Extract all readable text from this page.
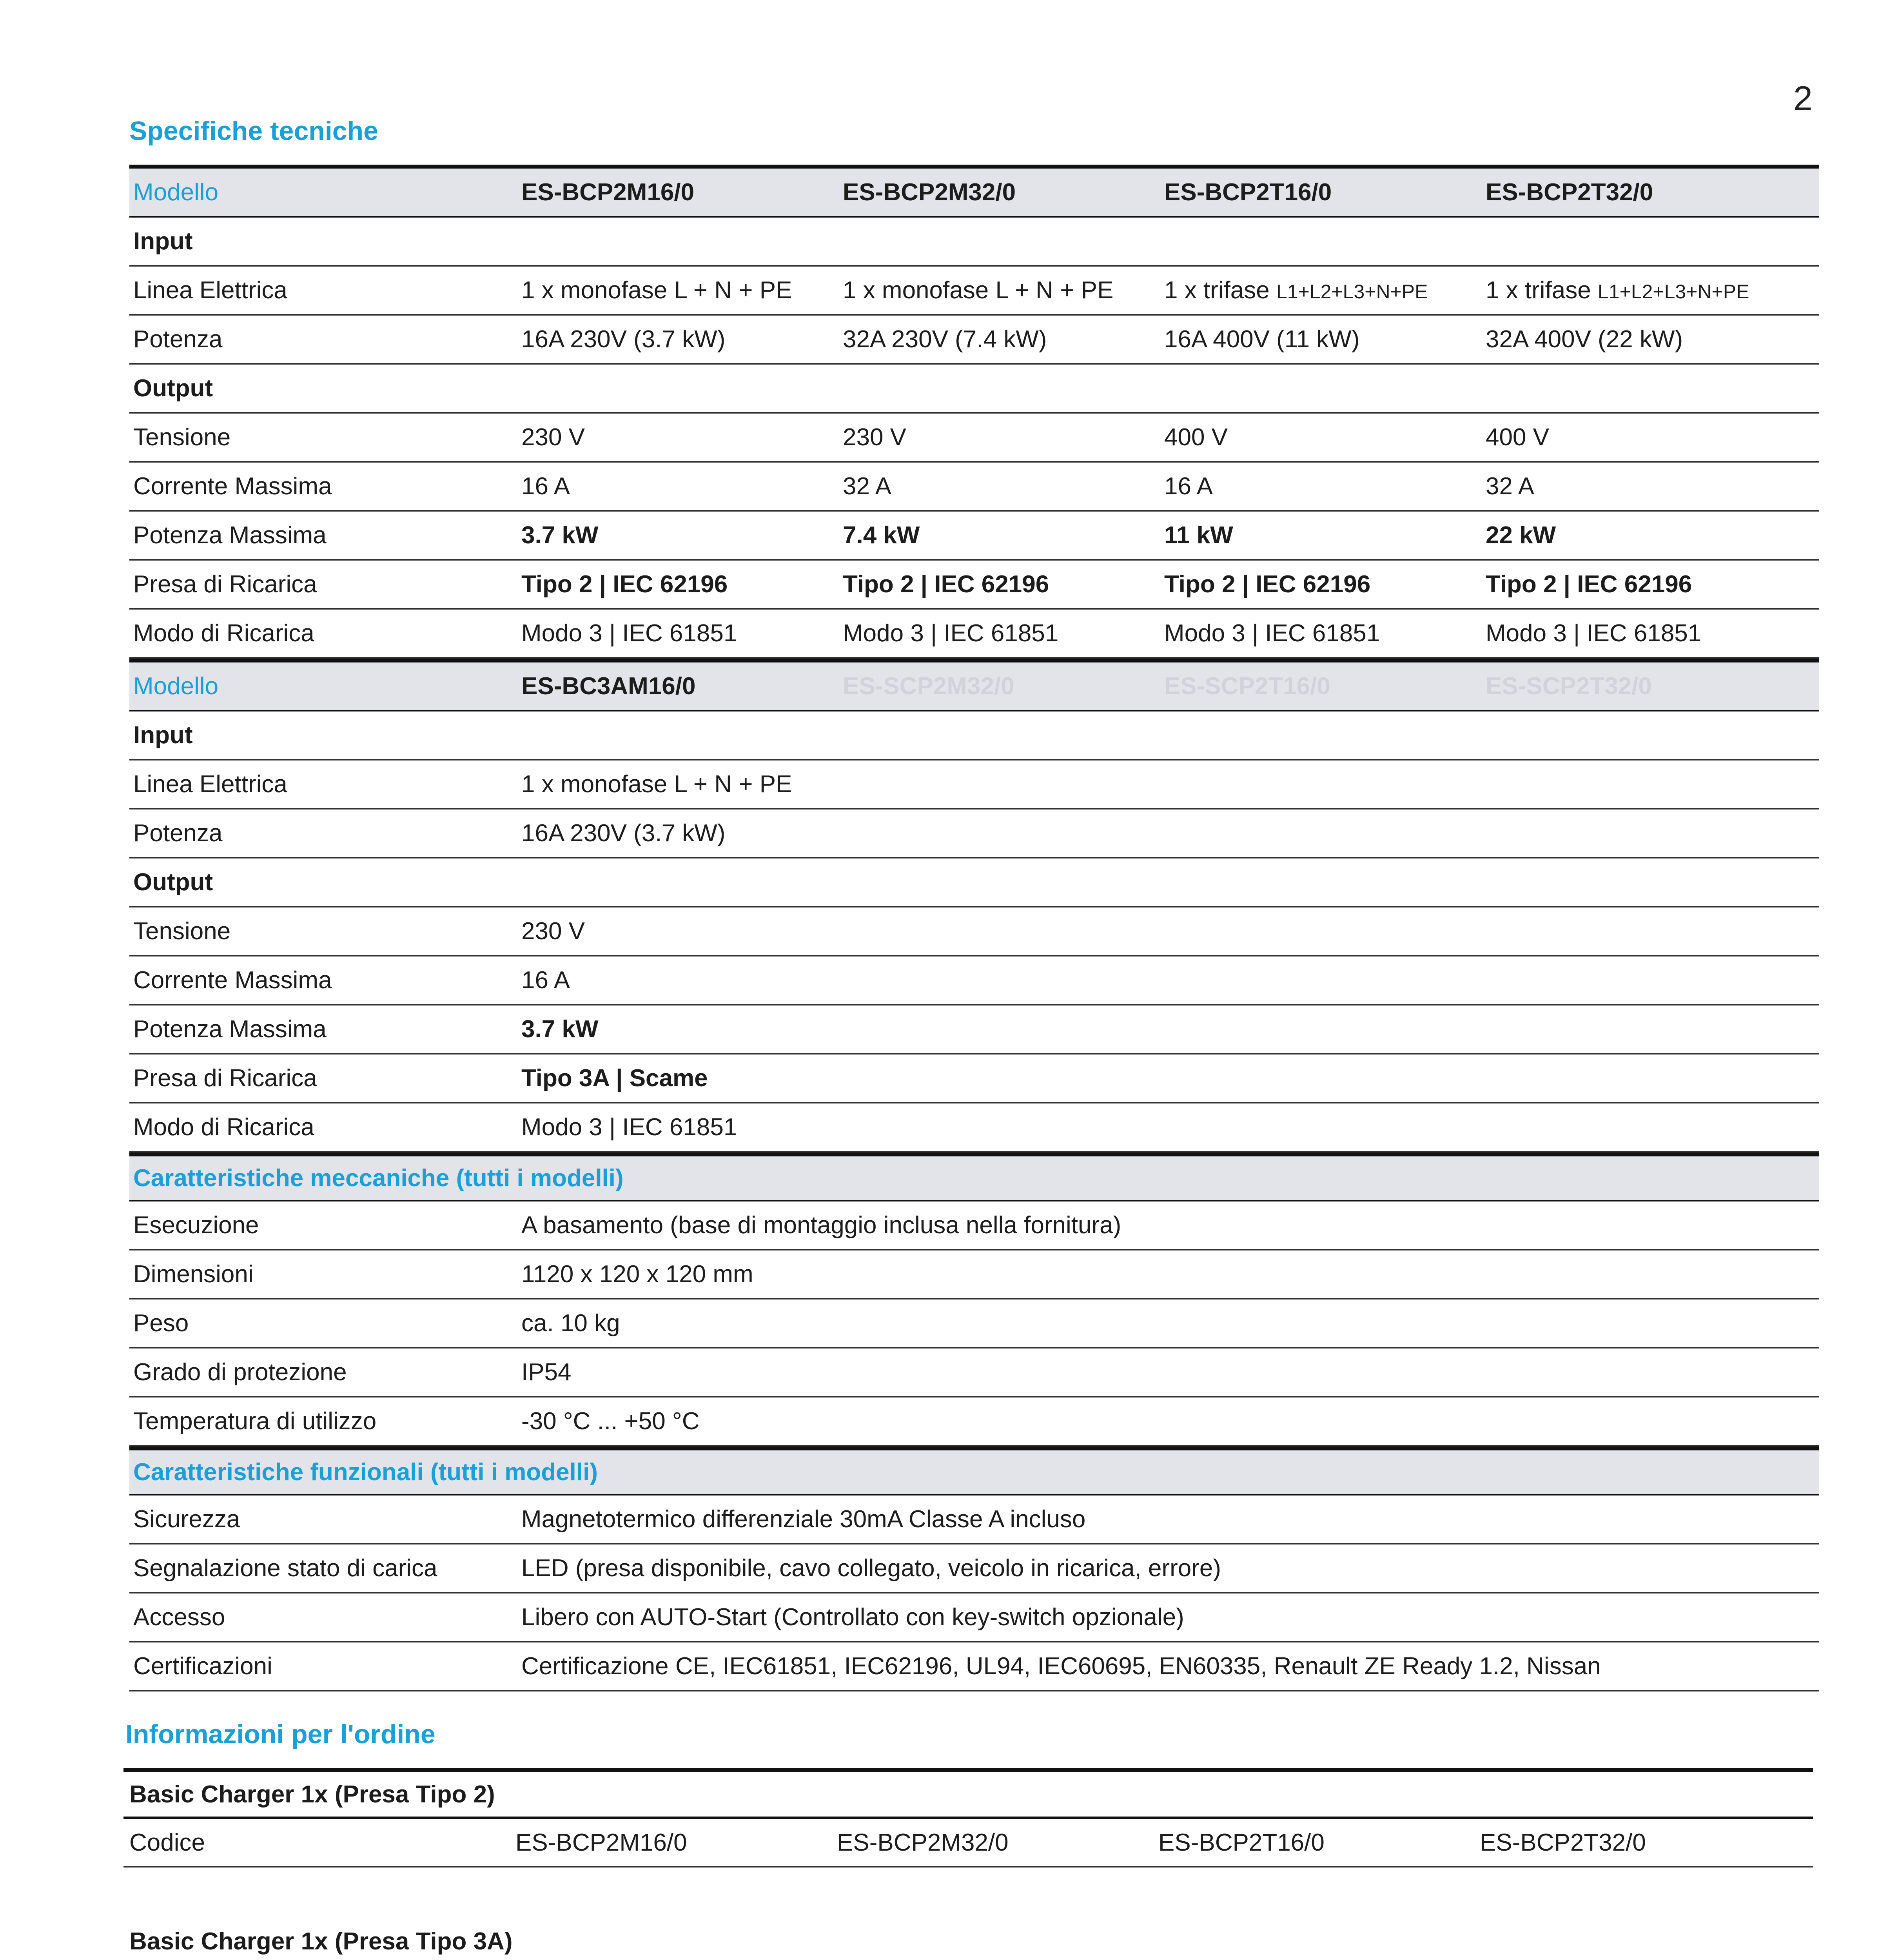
2
Specifiche tecniche
Modello	ES-BCP2M16/0	ES-BCP2M32/0	ES-BCP2T16/0	ES-BCP2T32/0
Input
Linea Elettrica	1 x monofase L + N + PE	1 x monofase L + N + PE	1 x trifase L1+L2+L3+N+PE	1 x trifase L1+L2+L3+N+PE
Potenza	16A 230V (3.7 kW)	32A 230V (7.4 kW)	16A 400V (11 kW)	32A 400V (22 kW)
Output
Tensione	230 V	230 V	400 V	400 V
Corrente Massima	16 A	32 A	16 A	32 A
Potenza Massima	3.7 kW	7.4 kW	11 kW	22 kW
Presa di Ricarica	Tipo 2 | IEC 62196	Tipo 2 | IEC 62196	Tipo 2 | IEC 62196	Tipo 2 | IEC 62196
Modo di Ricarica	Modo 3 | IEC 61851	Modo 3 | IEC 61851	Modo 3 | IEC 61851	Modo 3 | IEC 61851
Modello	ES-BC3AM16/0	ES-SCP2M32/0	ES-SCP2T16/0	ES-SCP2T32/0
Input
Linea Elettrica	1 x monofase L + N + PE
Potenza	16A 230V (3.7 kW)
Output
Tensione	230 V
Corrente Massima	16 A
Potenza Massima	3.7 kW
Presa di Ricarica	Tipo 3A | Scame
Modo di Ricarica	Modo 3 | IEC 61851
Caratteristiche meccaniche (tutti i modelli)
Esecuzione	A basamento (base di montaggio inclusa nella fornitura)
Dimensioni	1120 x 120 x 120 mm
Peso	ca. 10 kg
Grado di protezione	IP54
Temperatura di utilizzo	-30 °C ... +50 °C
Caratteristiche funzionali (tutti i modelli)
Sicurezza	Magnetotermico differenziale 30mA Classe A incluso
Segnalazione stato di carica	LED (presa disponibile, cavo collegato, veicolo in ricarica, errore)
Accesso	Libero con AUTO-Start (Controllato con key-switch opzionale)
Certificazioni	Certificazione CE, IEC61851, IEC62196, UL94, IEC60695, EN60335, Renault ZE Ready 1.2, Nissan
Informazioni per l'ordine
Basic Charger 1x (Presa Tipo 2)
Codice	ES-BCP2M16/0	ES-BCP2M32/0	ES-BCP2T16/0	ES-BCP2T32/0
Basic Charger 1x (Presa Tipo 3A)
